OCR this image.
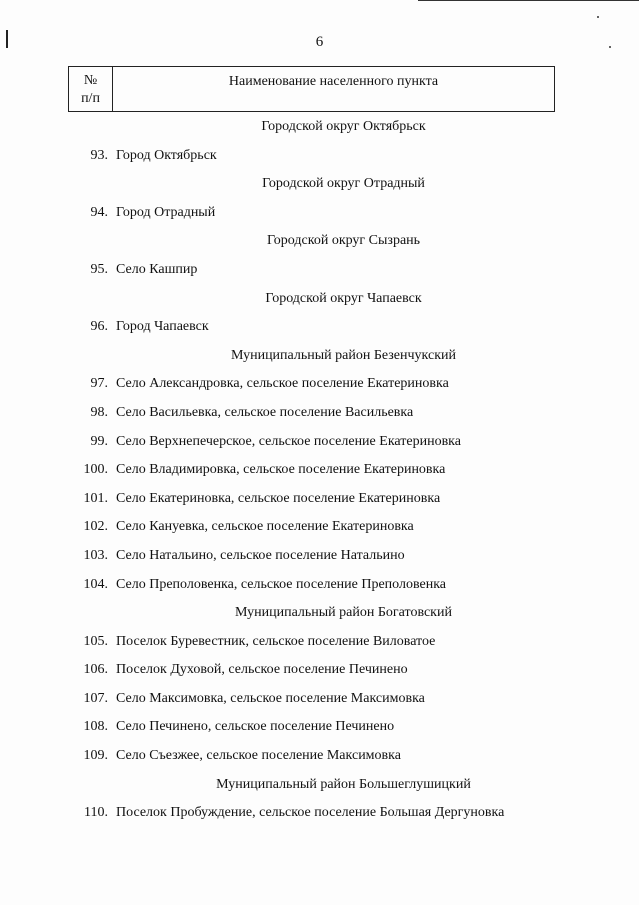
6
№
п/п
Наименование населенного пункта
Городской округ Октябрьск
93. Город Октябрьск
Городской округ Отрадный
94. Город Отрадный
Городской округ Сызрань
95. Село Кашпир
Городской округ Чапаевск
96. Город Чапаевск
Муниципальный район Безенчукский
97. Село Александровка, сельское поселение Екатериновка
98. Село Васильевка, сельское поселение Васильевка
99. Село Верхнепечерское, сельское поселение Екатериновка
100. Село Владимировка, сельское поселение Екатериновка
101. Село Екатериновка, сельское поселение Екатериновка
102. Село Кануевка, сельское поселение Екатериновка
103. Село Натальино, сельское поселение Натальино
104. Село Преполовенка, сельское поселение Преполовенка
Муниципальный район Богатовский
105. Поселок Буревестник, сельское поселение Виловатое
106. Поселок Духовой, сельское поселение Печинено
107. Село Максимовка, сельское поселение Максимовка
108. Село Печинено, сельское поселение Печинено
109. Село Съезжее, сельское поселение Максимовка
Муниципальный район Большеглушицкий
110. Поселок Пробуждение, сельское поселение Большая Дергуновка
